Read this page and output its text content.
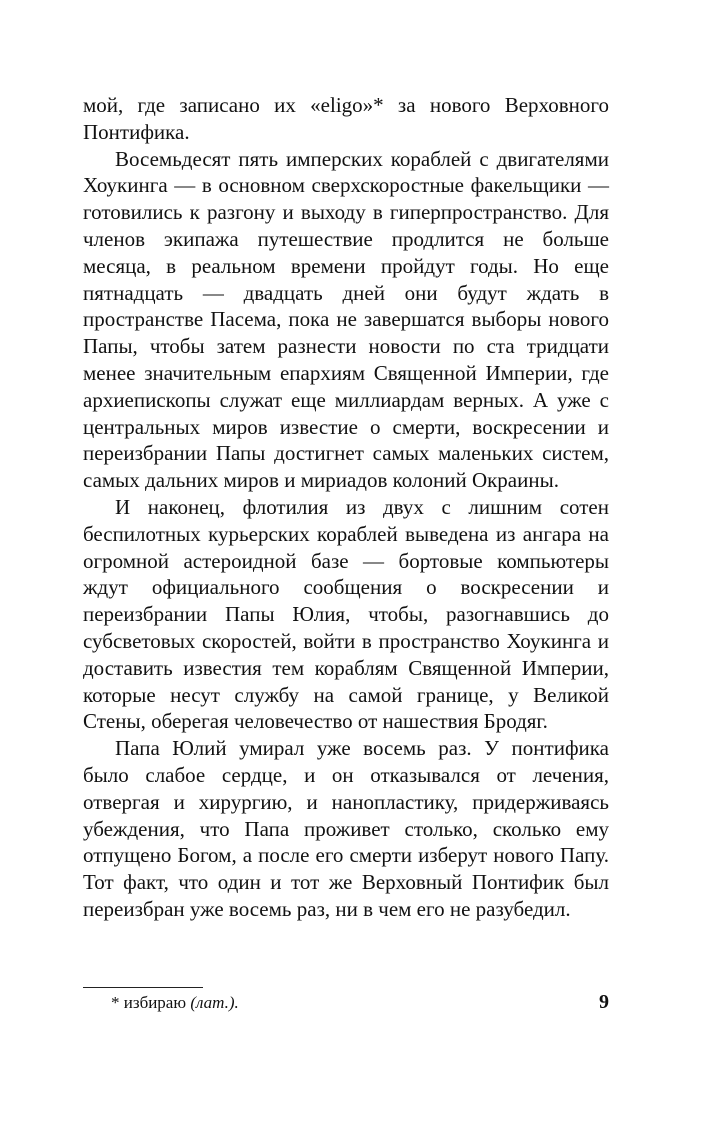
мой, где записано их «eligo»* за нового Верховного Понтифика.

Восемьдесят пять имперских кораблей с двигателями Хоукинга — в основном сверхскоростные факельщики — готовились к разгону и выходу в гиперпространство. Для членов экипажа путешествие продлится не больше месяца, в реальном времени пройдут годы. Но еще пятнадцать — двадцать дней они будут ждать в пространстве Пасема, пока не завершатся выборы нового Папы, чтобы затем разнести новости по ста тридцати менее значительным епархиям Священной Империи, где архиепископы служат еще миллиардам верных. А уже с центральных миров известие о смерти, воскресении и переизбрании Папы достигнет самых маленьких систем, самых дальних миров и мириадов колоний Окраины.

И наконец, флотилия из двух с лишним сотен беспилотных курьерских кораблей выведена из ангара на огромной астероидной базе — бортовые компьютеры ждут официального сообщения о воскресении и переизбрании Папы Юлия, чтобы, разогнавшись до субсветовых скоростей, войти в пространство Хоукинга и доставить известия тем кораблям Священной Империи, которые несут службу на самой границе, у Великой Стены, оберегая человечество от нашествия Бродяг.

Папа Юлий умирал уже восемь раз. У понтифика было слабое сердце, и он отказывался от лечения, отвергая и хирургию, и нанопластику, придерживаясь убеждения, что Папа проживет столько, сколько ему отпущено Богом, а после его смерти изберут нового Папу. Тот факт, что один и тот же Верховный Понтифик был переизбран уже восемь раз, ни в чем его не разубедил.

* избираю (лат.).	9
